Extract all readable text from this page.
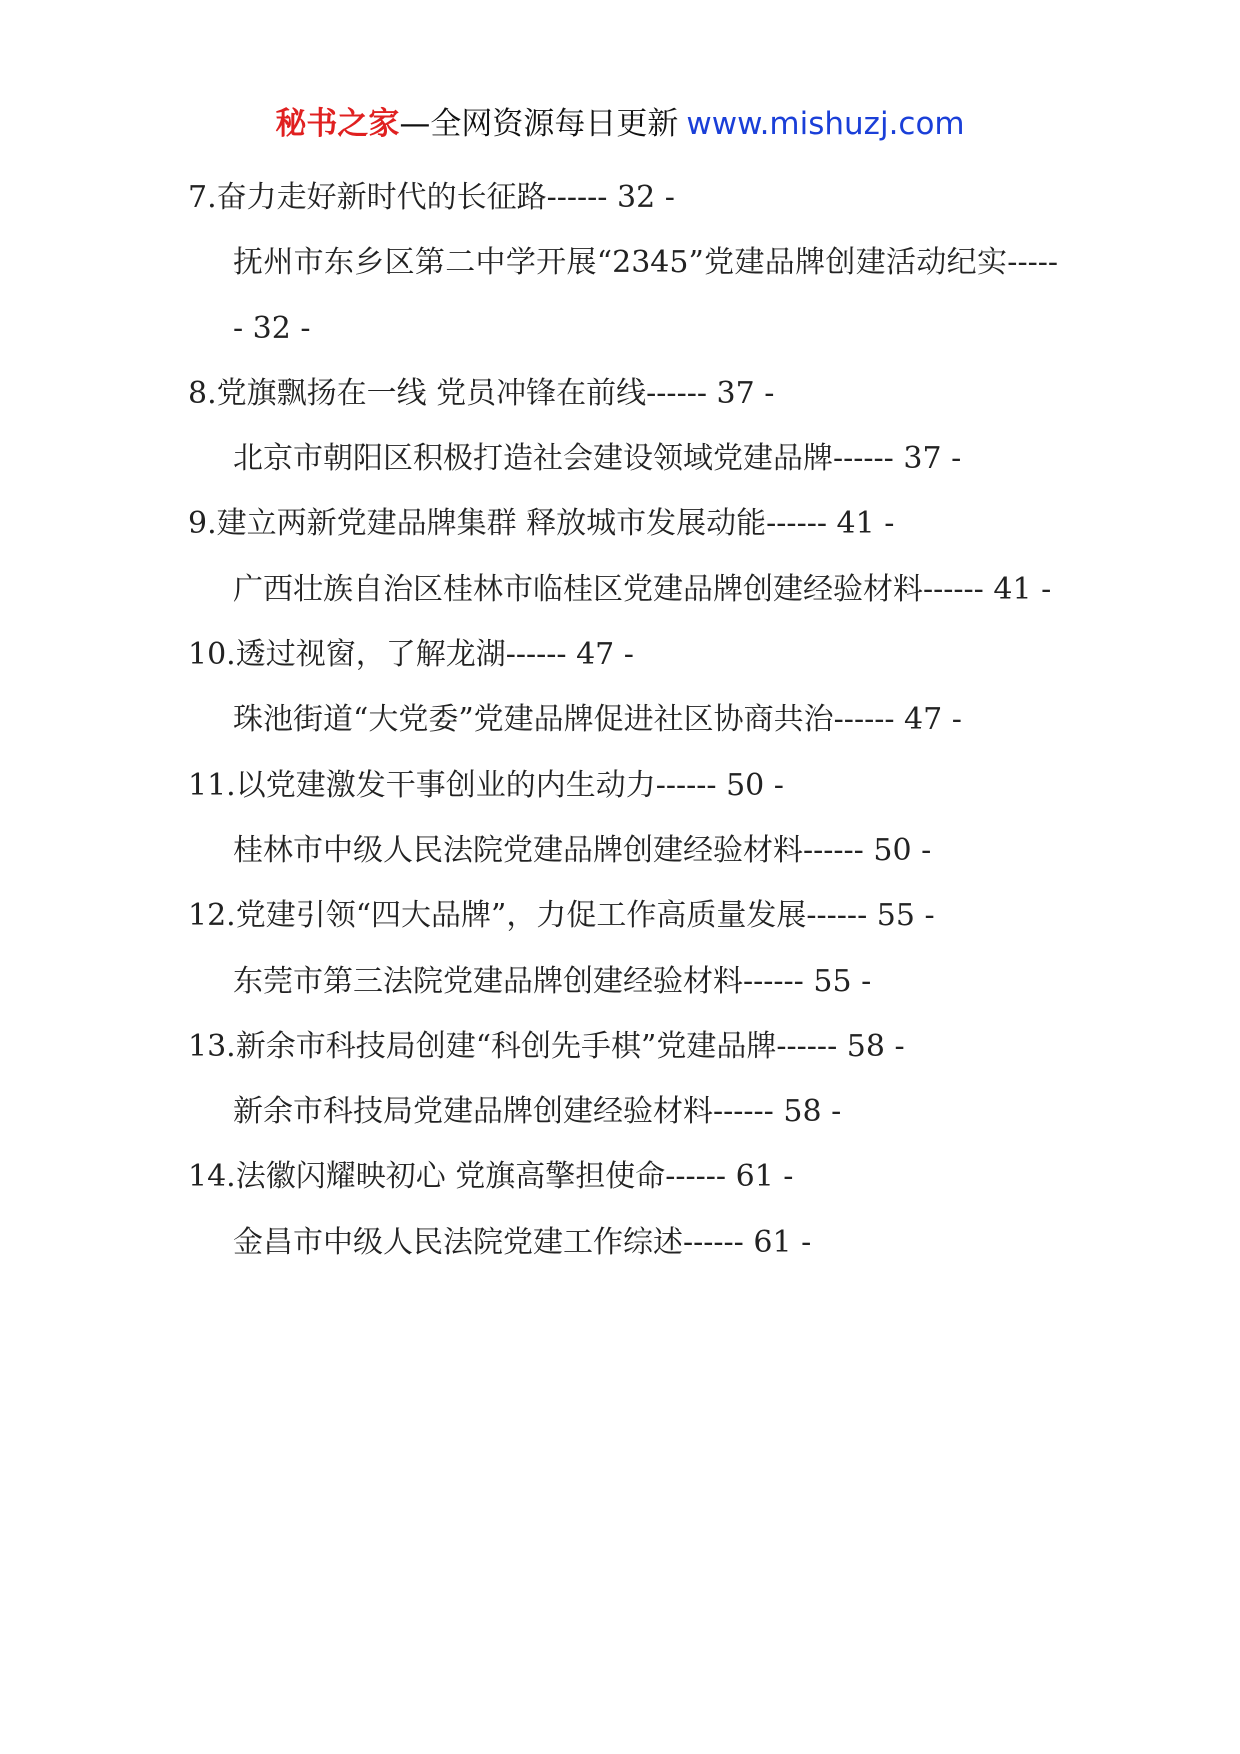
秘书之家—全网资源每日更新 www.mishuzj.com

7.奋力走好新时代的长征路------ 32 -

抚州市东乡区第二中学开展“2345”党建品牌创建活动纪实------ 32 -

8.党旗飘扬在一线 党员冲锋在前线------ 37 -

北京市朝阳区积极打造社会建设领域党建品牌------ 37 -

9.建立两新党建品牌集群 释放城市发展动能------ 41 -

广西壮族自治区桂林市临桂区党建品牌创建经验材料------ 41 -

10.透过视窗，了解龙湖------ 47 -

珠池街道“大党委”党建品牌促进社区协商共治------ 47 -

11.以党建激发干事创业的内生动力------ 50 -

桂林市中级人民法院党建品牌创建经验材料------ 50 -

12.党建引领“四大品牌”，力促工作高质量发展------ 55 -

东莞市第三法院党建品牌创建经验材料------ 55 -

13.新余市科技局创建“科创先手棋”党建品牌------ 58 -

新余市科技局党建品牌创建经验材料------ 58 -

14.法徽闪耀映初心 党旗高擎担使命------ 61 -

金昌市中级人民法院党建工作综述------ 61 -
